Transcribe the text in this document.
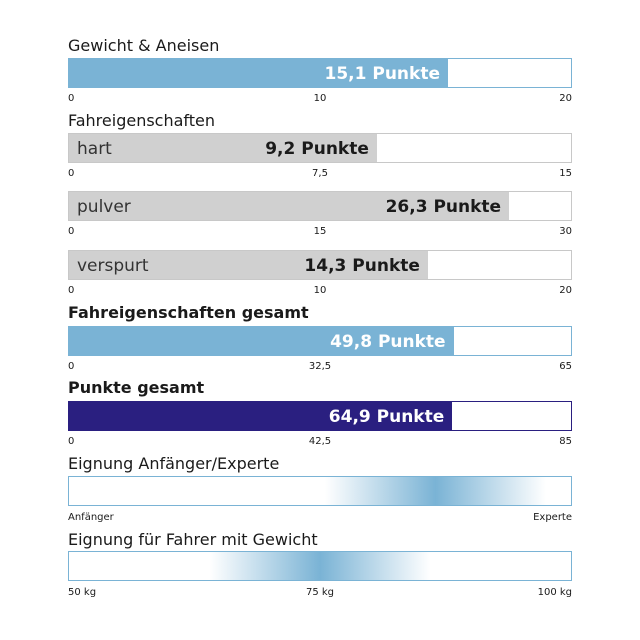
Fahreigenschaften
Gewicht & Aneisen
15,1 Punkte
0	10	20
9,2 Punkte
hart
0	7,5	15
26,3 Punkte
pulver
0	15	30
14,3 Punkte
verspurt
0	10	20
Fahreigenschaften gesamt
49,8 Punkte
0	32,5	65
Punkte gesamt
64,9 Punkte
0	42,5	85
Eignung Anfänger/Experte
Anfänger	Experte
Eignung für Fahrer mit Gewicht
50 kg	75 kg	100 kg
